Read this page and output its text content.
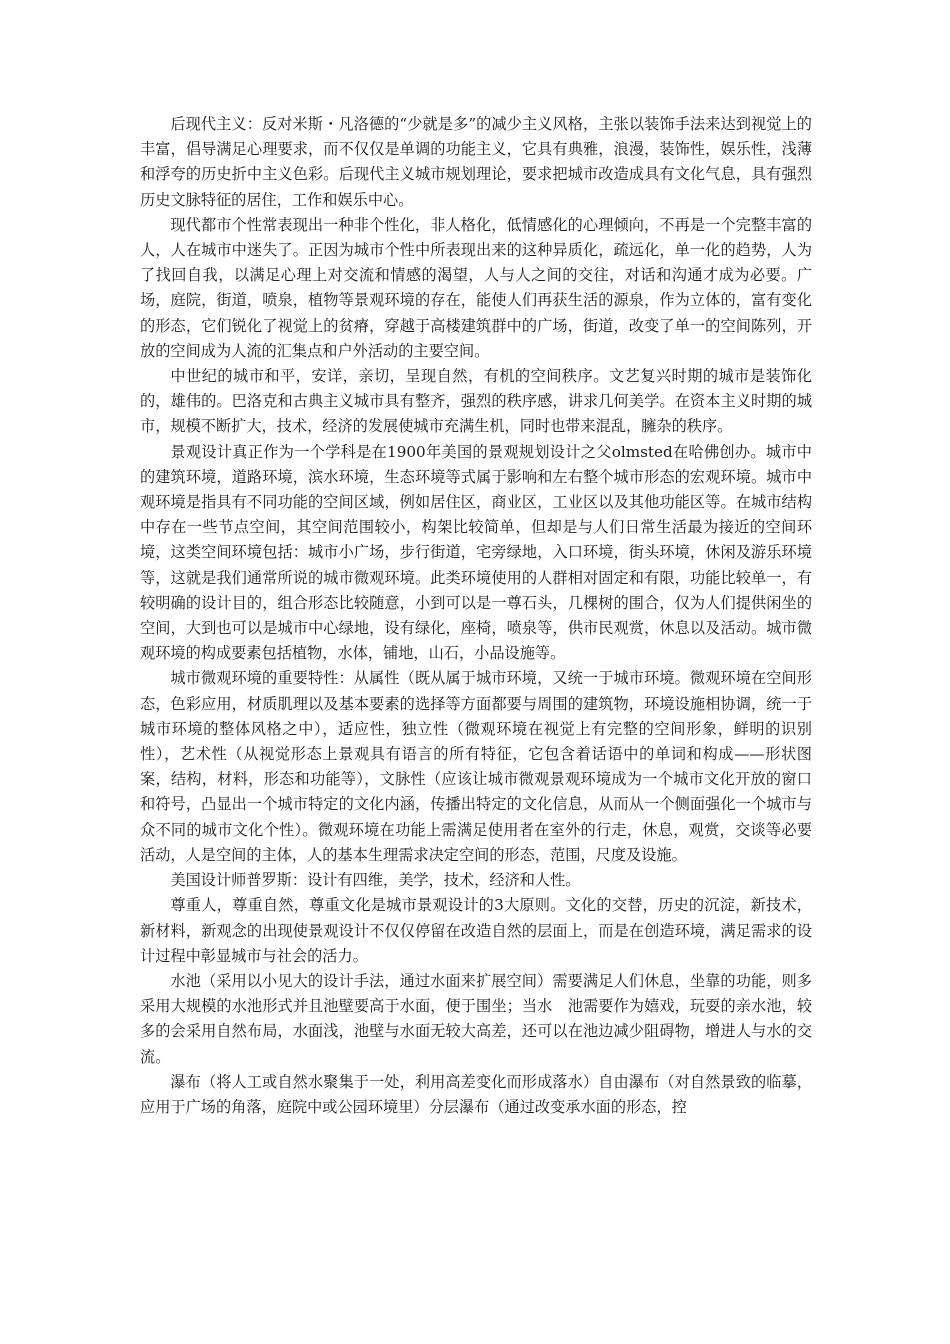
后现代主义：反对米斯・凡洛德的“少就是多”的减少主义风格，主张以装饰手法来达到视觉上的丰富，倡导满足心理要求，而不仅仅是单调的功能主义，它具有典雅，浪漫，装饰性，娱乐性，浅薄和浮夸的历史折中主义色彩。后现代主义城市规划理论，要求把城市改造成具有文化气息，具有强烈历史文脉特征的居住，工作和娱乐中心。

现代都市个性常表现出一种非个性化，非人格化，低情感化的心理倾向，不再是一个完整丰富的人，人在城市中迷失了。正因为城市个性中所表现出来的这种异质化，疏远化，单一化的趋势，人为了找回自我，以满足心理上对交流和情感的渴望，人与人之间的交往，对话和沟通才成为必要。广场，庭院，街道，喷泉，植物等景观环境的存在，能使人们再获生活的源泉，作为立体的，富有变化的形态，它们锐化了视觉上的贫瘠，穿越于高楼建筑群中的广场，街道，改变了单一的空间陈列，开放的空间成为人流的汇集点和户外活动的主要空间。

中世纪的城市和平，安详，亲切，呈现自然，有机的空间秩序。文艺复兴时期的城市是装饰化的，雄伟的。巴洛克和古典主义城市具有整齐，强烈的秩序感，讲求几何美学。在资本主义时期的城市，规模不断扩大，技术，经济的发展使城市充满生机，同时也带来混乱，臃杂的秩序。

景观设计真正作为一个学科是在1900年美国的景观规划设计之父olmsted在哈佛创办。城市中的建筑环境，道路环境，滨水环境，生态环境等式属于影响和左右整个城市形态的宏观环境。城市中观环境是指具有不同功能的空间区域，例如居住区，商业区，工业区以及其他功能区等。在城市结构中存在一些节点空间，其空间范围较小，构架比较简单，但却是与人们日常生活最为接近的空间环境，这类空间环境包括：城市小广场，步行街道，宅旁绿地，入口环境，街头环境，休闲及游乐环境等，这就是我们通常所说的城市微观环境。此类环境使用的人群相对固定和有限，功能比较单一，有较明确的设计目的，组合形态比较随意，小到可以是一尊石头，几棵树的围合，仅为人们提供闲坐的空间，大到也可以是城市中心绿地，设有绿化，座椅，喷泉等，供市民观赏，休息以及活动。城市微观环境的构成要素包括植物，水体，铺地，山石，小品设施等。

城市微观环境的重要特性：从属性（既从属于城市环境，又统一于城市环境。微观环境在空间形态，色彩应用，材质肌理以及基本要素的选择等方面都要与周围的建筑物，环境设施相协调，统一于城市环境的整体风格之中），适应性，独立性（微观环境在视觉上有完整的空间形象，鲜明的识别性），艺术性（从视觉形态上景观具有语言的所有特征，它包含着话语中的单词和构成——形状图案，结构，材料，形态和功能等），文脉性（应该让城市微观景观环境成为一个城市文化开放的窗口和符号，凸显出一个城市特定的文化内涵，传播出特定的文化信息，从而从一个侧面强化一个城市与众不同的城市文化个性）。微观环境在功能上需满足使用者在室外的行走，休息，观赏，交谈等必要活动，人是空间的主体，人的基本生理需求决定空间的形态，范围，尺度及设施。

美国设计师普罗斯：设计有四维，美学，技术，经济和人性。

尊重人，尊重自然，尊重文化是城市景观设计的3大原则。文化的交替，历史的沉淀，新技术，新材料，新观念的出现使景观设计不仅仅停留在改造自然的层面上，而是在创造环境，满足需求的设计过程中彰显城市与社会的活力。

水池（采用以小见大的设计手法，通过水面来扩展空间）需要满足人们休息，坐靠的功能，则多采用大规模的水池形式并且池壁要高于水面，便于围坐；当水　池需要作为嬉戏，玩耍的亲水池，较多的会采用自然布局，水面浅，池壁与水面无较大高差，还可以在池边减少阻碍物，增进人与水的交流。

瀑布（将人工或自然水聚集于一处，利用高差变化而形成落水）自由瀑布（对自然景致的临摹，应用于广场的角落，庭院中或公园环境里）分层瀑布（通过改变承水面的形态，控
